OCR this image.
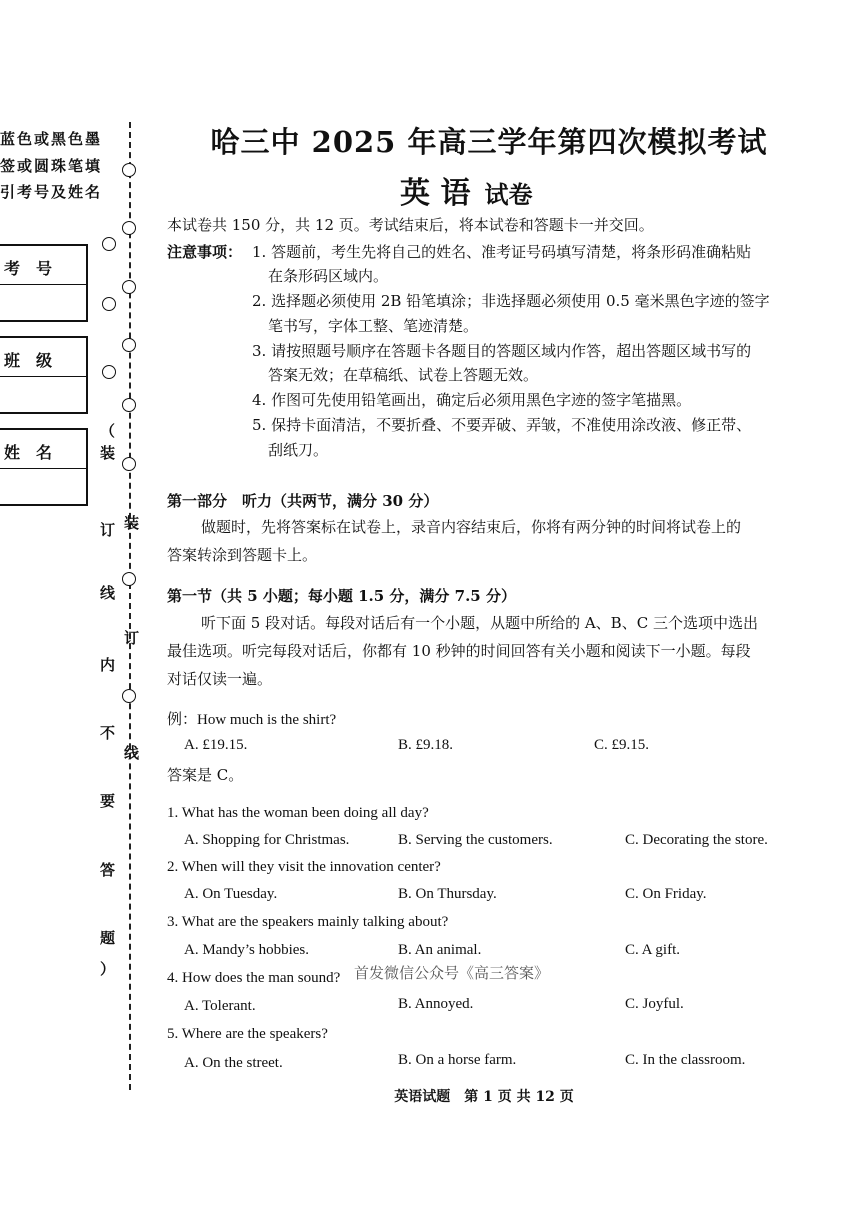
蓝色或黑色墨
签或圆珠笔填
引考号及姓名
考　号
班　级
姓　名
（
装
订
线
内
不
要
答
题
）
装
订
线
哈三中 2025 年高三学年第四次模拟考试
英 语 试卷
本试卷共 150 分，共 12 页。考试结束后，将本试卷和答题卡一并交回。
注意事项： 1. 答题前，考生先将自己的姓名、准考证号码填写清楚，将条形码准确粘贴
在条形码区域内。
2. 选择题必须使用 2B 铅笔填涂；非选择题必须使用 0.5 毫米黑色字迹的签字
笔书写，字体工整、笔迹清楚。
3. 请按照题号顺序在答题卡各题目的答题区域内作答，超出答题区域书写的
答案无效；在草稿纸、试卷上答题无效。
4. 作图可先使用铅笔画出，确定后必须用黑色字迹的签字笔描黑。
5. 保持卡面清洁，不要折叠、不要弄破、弄皱，不准使用涂改液、修正带、
刮纸刀。
第一部分　听力（共两节，满分 30 分）
做题时，先将答案标在试卷上，录音内容结束后，你将有两分钟的时间将试卷上的
答案转涂到答题卡上。
第一节（共 5 小题；每小题 1.5 分，满分 7.5 分）
听下面 5 段对话。每段对话后有一个小题，从题中所给的 A、B、C 三个选项中选出
最佳选项。听完每段对话后，你都有 10 秒钟的时间回答有关小题和阅读下一小题。每段
对话仅读一遍。
例：How much is the shirt?
A. £19.15.	B. £9.18.	C. £9.15.
答案是 C。
1. What has the woman been doing all day?
A. Shopping for Christmas.	B. Serving the customers.	C. Decorating the store.
2. When will they visit the innovation center?
A. On Tuesday.	B. On Thursday.	C. On Friday.
3. What are the speakers mainly talking about?
A. Mandy’s hobbies.	B. An animal.	C. A gift.
首发微信公众号《高三答案》
4. How does the man sound?
A. Tolerant.	B. Annoyed.	C. Joyful.
5. Where are the speakers?
A. On the street.	B. On a horse farm.	C. In the classroom.
英语试题　第 1 页 共 12 页
